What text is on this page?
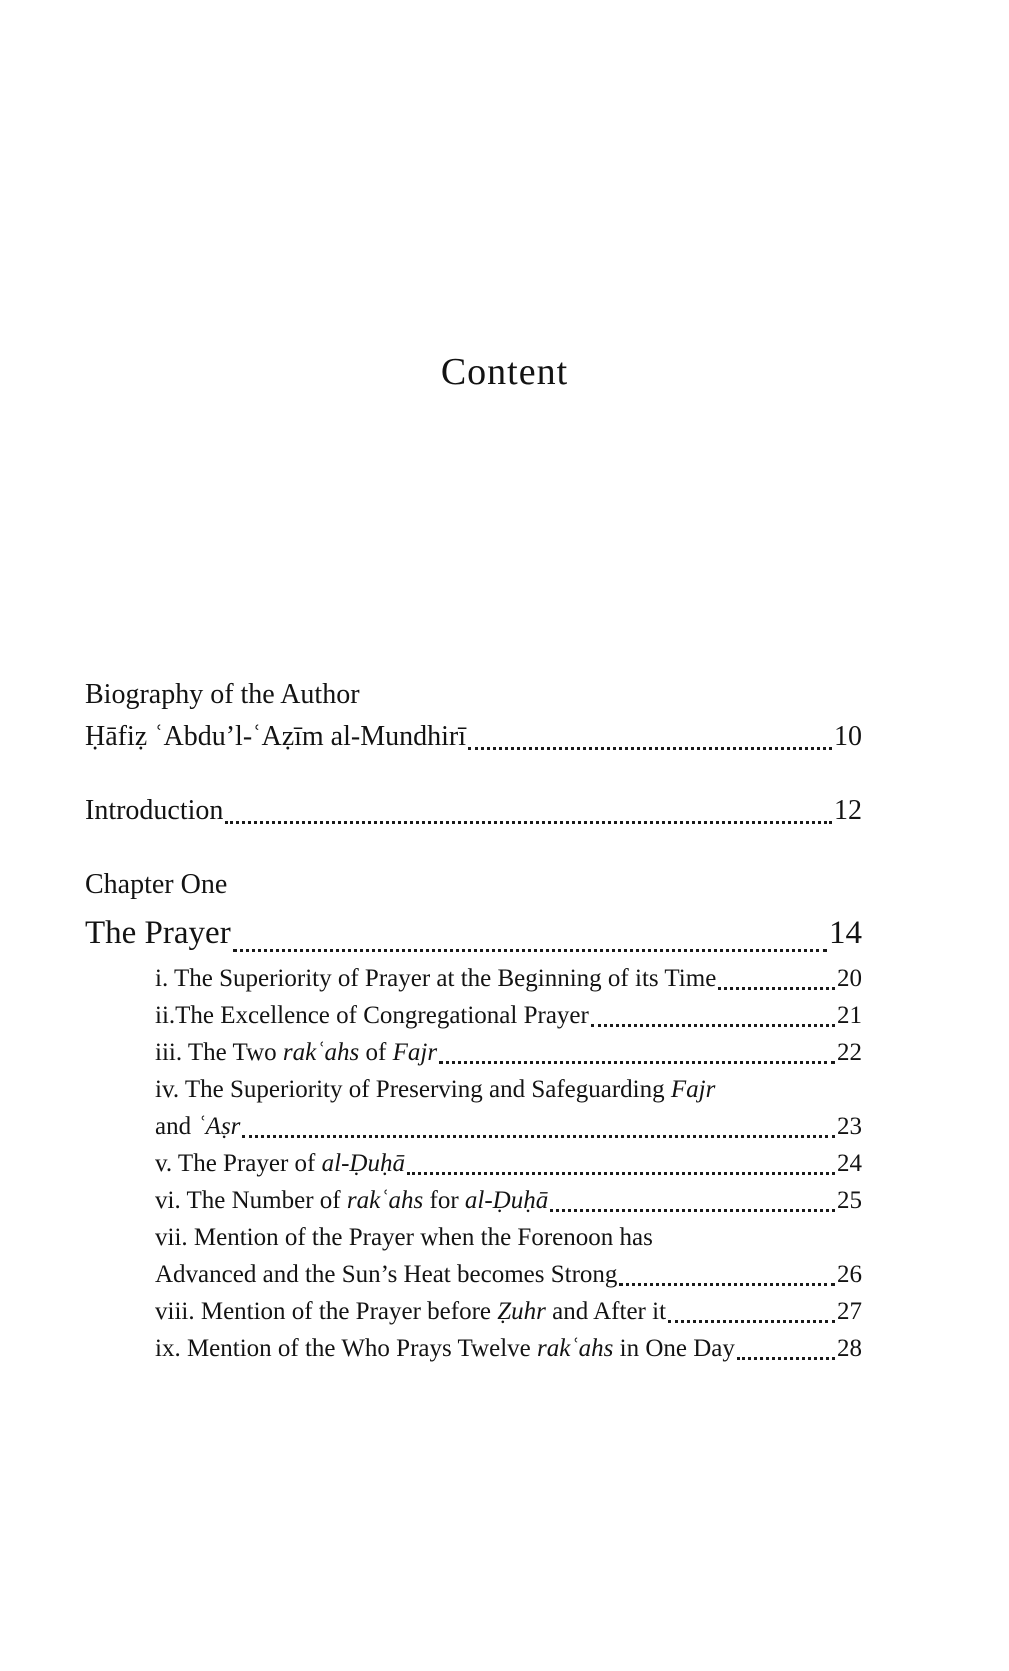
Content
Biography of the Author
Ḥāfiẓ ʿAbdu’l-ʿAẓīm al-Mundhirī	10
Introduction	12
Chapter One
The Prayer	14
i. The Superiority of Prayer at the Beginning of its Time	20
ii.The Excellence of Congregational Prayer	21
iii. The Two rakʿahs of Fajr	22
iv. The Superiority of Preserving and Safeguarding Fajr
and ʿAṣr	23
v. The Prayer of al-Ḍuḥā	24
vi. The Number of rakʿahs for al-Ḍuḥā	25
vii. Mention of the Prayer when the Forenoon has
Advanced and the Sun’s Heat becomes Strong	26
viii. Mention of the Prayer before Ẓuhr and After it	27
ix. Mention of the Who Prays Twelve rakʿahs in One Day	28
